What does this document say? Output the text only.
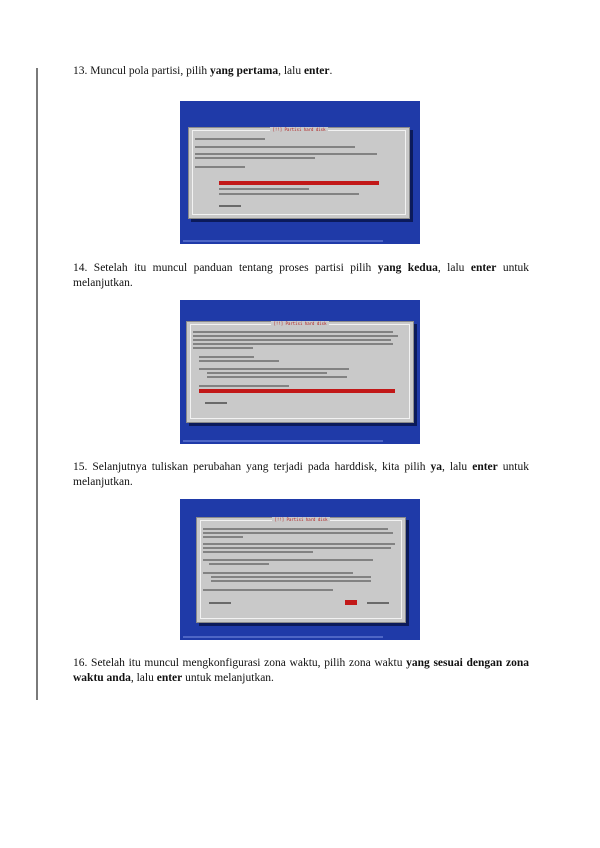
13. Muncul pola partisi, pilih yang pertama, lalu enter.

[!!] Partisi hard disk

14. Setelah itu muncul panduan tentang proses partisi pilih yang kedua, lalu enter untuk melanjutkan.

[!!] Partisi hard disk

15. Selanjutnya tuliskan perubahan yang terjadi pada harddisk, kita pilih ya, lalu enter untuk melanjutkan.

[!!] Partisi hard disk

16. Setelah itu muncul mengkonfigurasi zona waktu, pilih zona waktu yang sesuai dengan zona waktu anda, lalu enter untuk melanjutkan.
